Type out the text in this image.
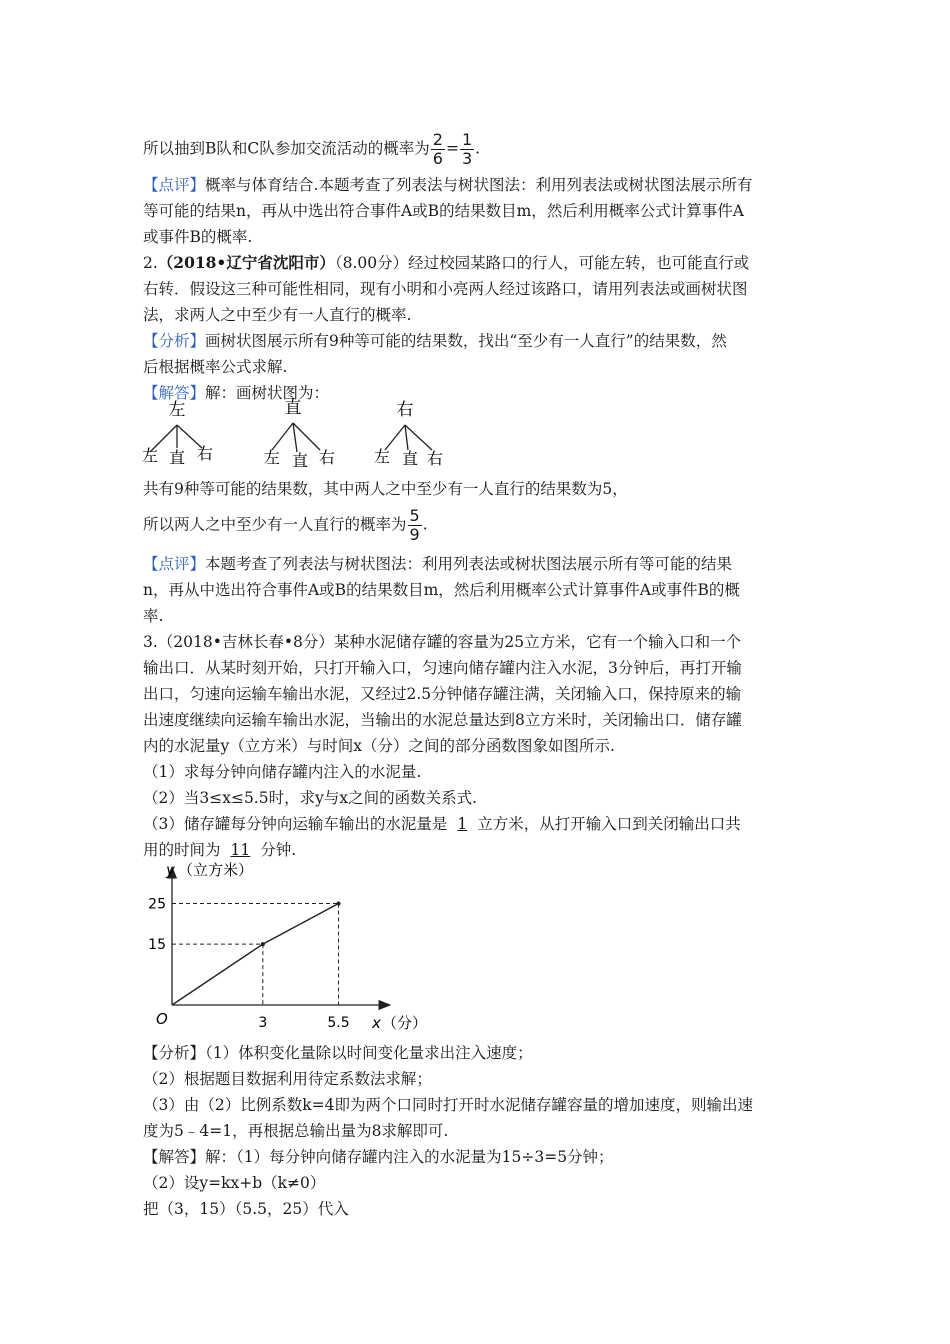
所以抽到B队和C队参加交流活动的概率为 $\frac{2}{6} = \frac{1}{3}$ .
【点评】概率与体育结合.本题考查了列表法与树状图法：利用列表法或树状图法展示所有
等可能的结果n，再从中选出符合事件A或B的结果数目m，然后利用概率公式计算事件A
或事件B的概率.
2.（2018•辽宁省沈阳市）（8.00分）经过校园某路口的行人，可能左转，也可能直行或
右转．假设这三种可能性相同，现有小明和小亮两人经过该路口，请用列表法或画树状图
法，求两人之中至少有一人直行的概率.
【分析】画树状图展示所有9种等可能的结果数，找出“至少有一人直行”的结果数，然
后根据概率公式求解.
【解答】解：画树状图为：
左
左 直 右
直
左 直 右
右
左 直 右
共有9种等可能的结果数，其中两人之中至少有一人直行的结果数为5，
所以两人之中至少有一人直行的概率为 $\frac{5}{9}$ .
【点评】本题考查了列表法与树状图法：利用列表法或树状图法展示所有等可能的结果
n，再从中选出符合事件A或B的结果数目m，然后利用概率公式计算事件A或事件B的概
率.
3.（2018•吉林长春•8分）某种水泥储存罐的容量为25立方米，它有一个输入口和一个
输出口．从某时刻开始，只打开输入口，匀速向储存罐内注入水泥，3分钟后，再打开输
出口，匀速向运输车输出水泥，又经过2.5分钟储存罐注满，关闭输入口，保持原来的输
出速度继续向运输车输出水泥，当输出的水泥总量达到8立方米时，关闭输出口．储存罐
内的水泥量y（立方米）与时间x（分）之间的部分函数图象如图所示.
（1）求每分钟向储存罐内注入的水泥量.
（2）当3≤x≤5.5时，求y与x之间的函数关系式.
（3）储存罐每分钟向运输车输出的水泥量是 1 立方米，从打开输入口到关闭输出口共
用的时间为 11 分钟.
y （立方米）
x （分）
O	3	5.5
15
25
【分析】（1）体积变化量除以时间变化量求出注入速度；
（2）根据题目数据利用待定系数法求解；
（3）由（2）比例系数k=4即为两个口同时打开时水泥储存罐容量的增加速度，则输出速
度为5﹣4=1，再根据总输出量为8求解即可.
【解答】解：（1）每分钟向储存罐内注入的水泥量为15÷3=5分钟；
（2）设y=kx+b（k≠0）
把（3，15）（5.5，25）代入
